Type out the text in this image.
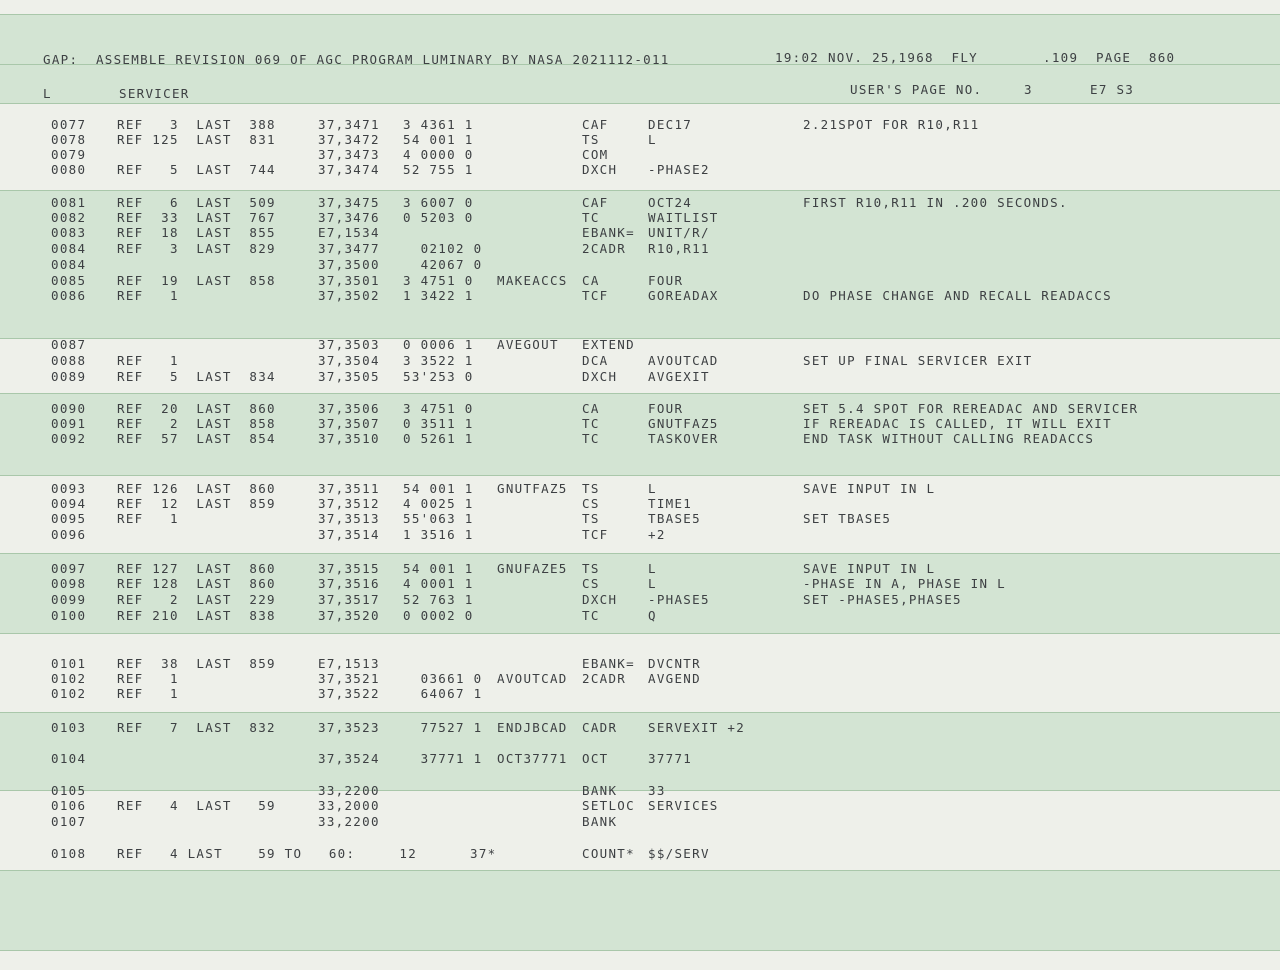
GAP:  ASSEMBLE REVISION 069 OF AGC PROGRAM LUMINARY BY NASA 2021112-011	19:02 NOV. 25,1968  FLY	.109  PAGE  860
L	SERVICER	USER'S PAGE NO.	3	E7 S3
0077 REF   3  LAST  388	37,3471 3 4361 1	CAF	DEC17	2.21SPOT FOR R10,R11
0078 REF 125  LAST  831	37,3472 54 001 1	TS	L
0079	37,3473 4 0000 0	COM
0080 REF   5  LAST  744	37,3474 52 755 1	DXCH -PHASE2
0081 REF   6  LAST  509	37,3475 3 6007 0	CAF	OCT24	FIRST R10,R11 IN .200 SECONDS.
0082 REF  33  LAST  767	37,3476 0 5203 0	TC	WAITLIST
0083 REF  18  LAST  855	E7,1534	EBANK= UNIT/R/
0084 REF   3  LAST  829	37,3477 02102 0	2CADR R10,R11
0084	37,3500 42067 0
0085 REF  19  LAST  858	37,3501 3 4751 0 MAKEACCS CA	FOUR
0086 REF   1	37,3502 1 3422 1	TCF	GOREADAX	DO PHASE CHANGE AND RECALL READACCS
0087	37,3503 0 0006 1 AVEGOUT EXTEND
0088 REF   1	37,3504 3 3522 1	DCA	AVOUTCAD	SET UP FINAL SERVICER EXIT
0089 REF   5  LAST  834	37,3505 53'253 0	DXCH AVGEXIT
0090 REF  20  LAST  860	37,3506 3 4751 0	CA	FOUR	SET 5.4 SPOT FOR REREADAC AND SERVICER
0091 REF   2  LAST  858	37,3507 0 3511 1	TC	GNUTFAZ5	IF REREADAC IS CALLED, IT WILL EXIT
0092 REF  57  LAST  854	37,3510 0 5261 1	TC	TASKOVER	END TASK WITHOUT CALLING READACCS
0093 REF 126  LAST  860	37,3511 54 001 1 GNUTFAZ5 TS	L	SAVE INPUT IN L
0094 REF  12  LAST  859	37,3512 4 0025 1	CS	TIME1
0095 REF   1	37,3513 55'063 1	TS	TBASE5	SET TBASE5
0096	37,3514 1 3516 1	TCF	+2
0097 REF 127  LAST  860	37,3515 54 001 1 GNUFAZE5 TS	L	SAVE INPUT IN L
0098 REF 128  LAST  860	37,3516 4 0001 1	CS	L	-PHASE IN A, PHASE IN L
0099 REF   2  LAST  229	37,3517 52 763 1	DXCH -PHASE5	SET -PHASE5,PHASE5
0100 REF 210  LAST  838	37,3520 0 0002 0	TC	Q
0101 REF  38  LAST  859	E7,1513	EBANK= DVCNTR
0102 REF   1	37,3521 03661 0 AVOUTCAD 2CADR AVGEND
0102 REF   1	37,3522 64067 1
0103 REF   7  LAST  832	37,3523 77527 1 ENDJBCAD CADR SERVEXIT +2
0104	37,3524 37771 1 OCT37771 OCT	37771
0105	33,2200	BANK 33
0106 REF   4  LAST   59	33,2000	SETLOC SERVICES
0107	33,2200	BANK
0108 REF   4 LAST    59 TO   60:     12      37*	COUNT* $$/SERV
